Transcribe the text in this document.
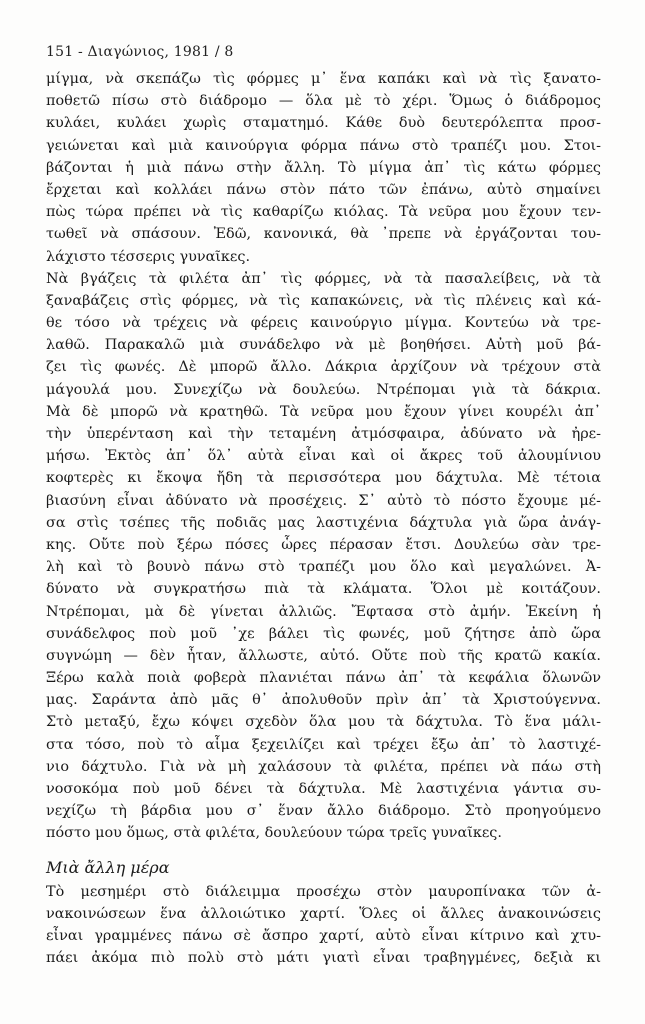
151 - Διαγώνιος, 1981 / 8
μίγμα, νὰ σκεπάζω τὶς φόρμες μ᾿ ἕνα καπάκι καὶ νὰ τὶς ξανατο-
ποθετῶ πίσω στὸ διάδρομο — ὅλα μὲ τὸ χέρι. Ὅμως ὁ διάδρομος
κυλάει, κυλάει χωρὶς σταματημό. Κάθε δυὸ δευτερόλεπτα προσ-
γειώνεται καὶ μιὰ καινούργια φόρμα πάνω στὸ τραπέζι μου. Στοι-
βάζονται ἡ μιὰ πάνω στὴν ἄλλη. Τὸ μίγμα ἀπ᾿ τὶς κάτω φόρμες
ἔρχεται καὶ κολλάει πάνω στὸν πάτο τῶν ἐπάνω, αὐτὸ σημαίνει
πὼς τώρα πρέπει νὰ τὶς καθαρίζω κιόλας. Τὰ νεῦρα μου ἔχουν τεν-
τωθεῖ νὰ σπάσουν. Ἐδῶ, κανονικά, θὰ ᾿πρεπε νὰ ἐργάζονται του-
λάχιστο τέσσερις γυναῖκες.
Νὰ βγάζεις τὰ φιλέτα ἀπ᾿ τὶς φόρμες, νὰ τὰ πασαλείβεις, νὰ τὰ
ξαναβάζεις στὶς φόρμες, νὰ τὶς καπακώνεις, νὰ τὶς πλένεις καὶ κά-
θε τόσο νὰ τρέχεις νὰ φέρεις καινούργιο μίγμα. Κοντεύω νὰ τρε-
λαθῶ. Παρακαλῶ μιὰ συνάδελφο νὰ μὲ βοηθήσει. Αὐτὴ μοῦ βά-
ζει τὶς φωνές. Δὲ μπορῶ ἄλλο. Δάκρια ἀρχίζουν νὰ τρέχουν στὰ
μάγουλά μου. Συνεχίζω νὰ δουλεύω. Ντρέπομαι γιὰ τὰ δάκρια.
Μὰ δὲ μπορῶ νὰ κρατηθῶ. Τὰ νεῦρα μου ἔχουν γίνει κουρέλι ἀπ᾿
τὴν ὑπερένταση καὶ τὴν τεταμένη ἀτμόσφαιρα, ἀδύνατο νὰ ἠρε-
μήσω. Ἐκτὸς ἀπ᾿ ὅλ᾿ αὐτὰ εἶναι καὶ οἱ ἄκρες τοῦ ἀλουμίνιου
κοφτερὲς κι ἔκοψα ἤδη τὰ περισσότερα μου δάχτυλα. Μὲ τέτοια
βιασύνη εἶναι ἀδύνατο νὰ προσέχεις. Σ᾿ αὐτὸ τὸ πόστο ἔχουμε μέ-
σα στὶς τσέπες τῆς ποδιᾶς μας λαστιχένια δάχτυλα γιὰ ὥρα ἀνάγ-
κης. Οὔτε ποὺ ξέρω πόσες ὧρες πέρασαν ἔτσι. Δουλεύω σὰν τρε-
λὴ καὶ τὸ βουνὸ πάνω στὸ τραπέζι μου ὅλο καὶ μεγαλώνει. Ἀ-
δύνατο νὰ συγκρατήσω πιὰ τὰ κλάματα. Ὅλοι μὲ κοιτάζουν.
Ντρέπομαι, μὰ δὲ γίνεται ἀλλιῶς. Ἔφτασα στὸ ἀμήν. Ἐκείνη ἡ
συνάδελφος ποὺ μοῦ ᾿χε βάλει τὶς φωνές, μοῦ ζήτησε ἀπὸ ὥρα
συγνώμη — δὲν ἦταν, ἄλλωστε, αὐτό. Οὔτε ποὺ τῆς κρατῶ κακία.
Ξέρω καλὰ ποιὰ φοβερὰ πλανιέται πάνω ἀπ᾿ τὰ κεφάλια ὅλωνῶν
μας. Σαράντα ἀπὸ μᾶς θ᾿ ἀπολυθοῦν πρὶν ἀπ᾿ τὰ Χριστούγεννα.
Στὸ μεταξύ, ἔχω κόψει σχεδὸν ὅλα μου τὰ δάχτυλα. Τὸ ἕνα μάλι-
στα τόσο, ποὺ τὸ αἷμα ξεχειλίζει καὶ τρέχει ἔξω ἀπ᾿ τὸ λαστιχέ-
νιο δάχτυλο. Γιὰ νὰ μὴ χαλάσουν τὰ φιλέτα, πρέπει νὰ πάω στὴ
νοσοκόμα ποὺ μοῦ δένει τὰ δάχτυλα. Μὲ λαστιχένια γάντια συ-
νεχίζω τὴ βάρδια μου σ᾿ ἕναν ἄλλο διάδρομο. Στὸ προηγούμενο
πόστο μου ὅμως, στὰ φιλέτα, δουλεύουν τώρα τρεῖς γυναῖκες.
Μιὰ ἄλλη μέρα
Τὸ μεσημέρι στὸ διάλειμμα προσέχω στὸν μαυροπίνακα τῶν ἀ-
νακοινώσεων ἕνα ἀλλοιώτικο χαρτί. Ὅλες οἱ ἄλλες ἀνακοινώσεις
εἶναι γραμμένες πάνω σὲ ἄσπρο χαρτί, αὐτὸ εἶναι κίτρινο καὶ χτυ-
πάει ἀκόμα πιὸ πολὺ στὸ μάτι γιατὶ εἶναι τραβηγμένες, δεξιὰ κι
